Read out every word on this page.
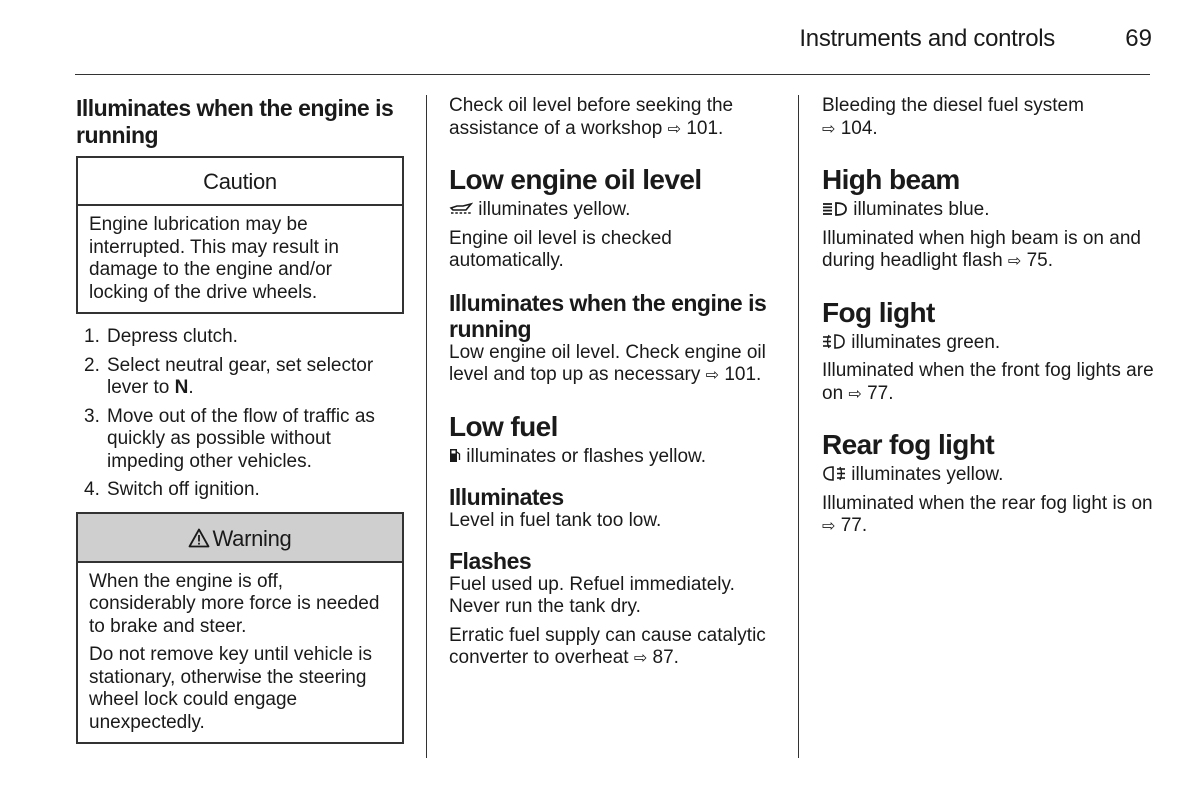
Instruments and controls	69

Illuminates when the engine is running

Caution

Engine lubrication may be interrupted. This may result in damage to the engine and/or locking of the drive wheels.

1. Depress clutch.
2. Select neutral gear, set selector lever to N.
3. Move out of the flow of traffic as quickly as possible without impeding other vehicles.
4. Switch off ignition.
Warning

When the engine is off, considerably more force is needed to brake and steer.

Do not remove key until vehicle is stationary, otherwise the steering wheel lock could engage unexpectedly.

Check oil level before seeking the assistance of a workshop ⇨ 101.

Low engine oil level

illuminates yellow.

Engine oil level is checked automatically.

Illuminates when the engine is running

Low engine oil level. Check engine oil level and top up as necessary ⇨ 101.

Low fuel

illuminates or flashes yellow.

Illuminates

Level in fuel tank too low.

Flashes

Fuel used up. Refuel immediately. Never run the tank dry.

Erratic fuel supply can cause catalytic converter to overheat ⇨ 87.

Bleeding the diesel fuel system
⇨ 104.

High beam

illuminates blue.

Illuminated when high beam is on and during headlight flash ⇨ 75.

Fog light

illuminates green.

Illuminated when the front fog lights are on ⇨ 77.

Rear fog light

illuminates yellow.

Illuminated when the rear fog light is on ⇨ 77.
